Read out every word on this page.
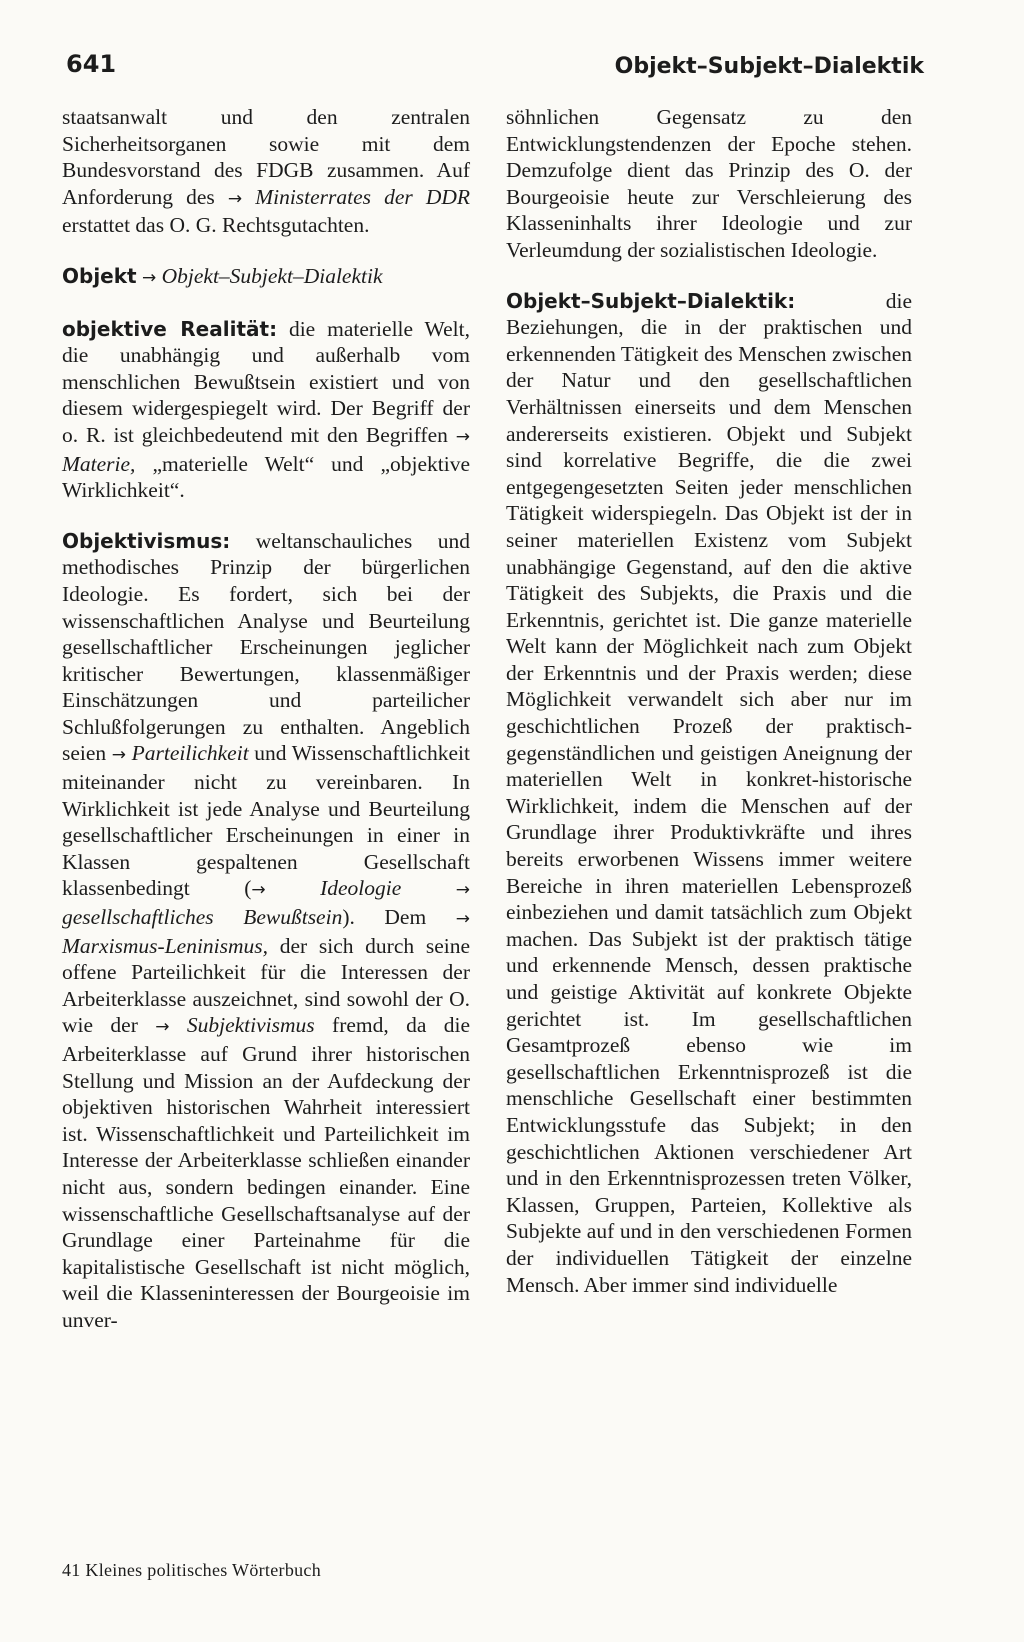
641	Objekt–Subjekt–Dialektik

staatsanwalt und den zentralen Sicherheitsorganen sowie mit dem Bundesvorstand des FDGB zusammen. Auf Anforderung des → Ministerrates der DDR erstattet das O. G. Rechtsgutachten.

Objekt → Objekt–Subjekt–Dialektik

objektive Realität: die materielle Welt, die unabhängig und außerhalb vom menschlichen Bewußtsein existiert und von diesem widergespiegelt wird. Der Begriff der o. R. ist gleichbedeutend mit den Begriffen → Materie, „materielle Welt“ und „objektive Wirklichkeit“.

Objektivismus: weltanschauliches und methodisches Prinzip der bürgerlichen Ideologie. Es fordert, sich bei der wissenschaftlichen Analyse und Beurteilung gesellschaftlicher Erscheinungen jeglicher kritischer Bewertungen, klassenmäßiger Einschätzungen und parteilicher Schlußfolgerungen zu enthalten. Angeblich seien → Parteilichkeit und Wissenschaftlichkeit miteinander nicht zu vereinbaren. In Wirklichkeit ist jede Analyse und Beurteilung gesellschaftlicher Erscheinungen in einer in Klassen gespaltenen Gesellschaft klassenbedingt (→	Ideologie	→ gesellschaftliches Bewußtsein). Dem → Marxismus-Leninismus, der sich durch seine offene Parteilichkeit für die Interessen der Arbeiterklasse auszeichnet, sind sowohl der O. wie der → Subjektivismus fremd, da die Arbeiterklasse auf Grund ihrer historischen Stellung und Mission an der Aufdeckung der objektiven historischen Wahrheit interessiert ist. Wissenschaftlichkeit und Parteilichkeit im Interesse der Arbeiterklasse schließen einander nicht aus, sondern bedingen einander. Eine wissenschaftliche Gesellschaftsanalyse auf der Grundlage einer Parteinahme für die kapitalistische Gesellschaft ist nicht möglich, weil die Klasseninteressen der Bourgeoisie im unver-

söhnlichen Gegensatz zu den Entwicklungstendenzen der Epoche stehen. Demzufolge dient das Prinzip des O. der Bourgeoisie heute zur Verschleierung des Klasseninhalts ihrer Ideologie und zur Verleumdung der sozialistischen Ideologie.

Objekt–Subjekt–Dialektik:	die Beziehungen, die in der praktischen und erkennenden Tätigkeit des Menschen zwischen der Natur und den gesellschaftlichen Verhältnissen einerseits und dem Menschen andererseits existieren. Objekt und Subjekt sind korrelative Begriffe, die die zwei entgegengesetzten Seiten jeder menschlichen Tätigkeit widerspiegeln. Das Objekt ist der in seiner materiellen Existenz vom Subjekt unabhängige Gegenstand, auf den die aktive Tätigkeit des Subjekts, die Praxis und die Erkenntnis, gerichtet ist. Die ganze materielle Welt kann der Möglichkeit nach zum Objekt der Erkenntnis und der Praxis werden; diese Möglichkeit verwandelt sich aber nur im geschichtlichen Prozeß der praktisch-gegenständlichen und geistigen Aneignung der materiellen Welt in konkret-historische Wirklichkeit, indem die Menschen auf der Grundlage ihrer Produktivkräfte und ihres bereits erworbenen Wissens immer weitere Bereiche in ihren materiellen Lebensprozeß einbeziehen und damit tatsächlich zum Objekt machen. Das Subjekt ist der praktisch tätige und erkennende Mensch, dessen praktische und geistige Aktivität auf konkrete Objekte gerichtet ist. Im gesellschaftlichen Gesamtprozeß ebenso wie im gesellschaftlichen Erkenntnisprozeß ist die menschliche Gesellschaft einer bestimmten Entwicklungsstufe das Subjekt; in den geschichtlichen Aktionen verschiedener Art und in den Erkenntnisprozessen treten Völker, Klassen, Gruppen, Parteien, Kollektive als Subjekte auf und in den verschiedenen Formen der individuellen Tätigkeit der einzelne Mensch. Aber immer sind individuelle

41 Kleines politisches Wörterbuch
